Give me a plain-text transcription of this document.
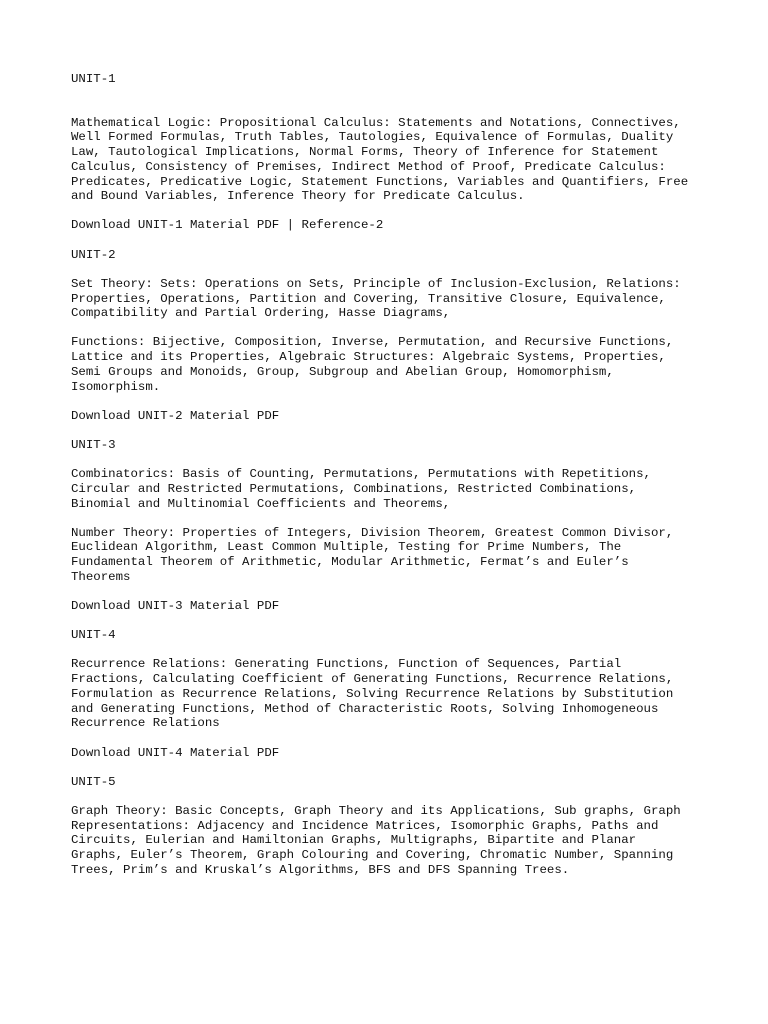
UNIT-1

Mathematical Logic: Propositional Calculus: Statements and Notations, Connectives,
Well Formed Formulas, Truth Tables, Tautologies, Equivalence of Formulas, Duality
Law, Tautological Implications, Normal Forms, Theory of Inference for Statement
Calculus, Consistency of Premises, Indirect Method of Proof, Predicate Calculus:
Predicates, Predicative Logic, Statement Functions, Variables and Quantifiers, Free
and Bound Variables, Inference Theory for Predicate Calculus.

Download UNIT-1 Material PDF | Reference-2

UNIT-2

Set Theory: Sets: Operations on Sets, Principle of Inclusion-Exclusion, Relations:
Properties, Operations, Partition and Covering, Transitive Closure, Equivalence,
Compatibility and Partial Ordering, Hasse Diagrams,

Functions: Bijective, Composition, Inverse, Permutation, and Recursive Functions,
Lattice and its Properties, Algebraic Structures: Algebraic Systems, Properties,
Semi Groups and Monoids, Group, Subgroup and Abelian Group, Homomorphism,
Isomorphism.

Download UNIT-2 Material PDF

UNIT-3

Combinatorics: Basis of Counting, Permutations, Permutations with Repetitions,
Circular and Restricted Permutations, Combinations, Restricted Combinations,
Binomial and Multinomial Coefficients and Theorems,

Number Theory: Properties of Integers, Division Theorem, Greatest Common Divisor,
Euclidean Algorithm, Least Common Multiple, Testing for Prime Numbers, The
Fundamental Theorem of Arithmetic, Modular Arithmetic, Fermat’s and Euler’s
Theorems

Download UNIT-3 Material PDF

UNIT-4

Recurrence Relations: Generating Functions, Function of Sequences, Partial
Fractions, Calculating Coefficient of Generating Functions, Recurrence Relations,
Formulation as Recurrence Relations, Solving Recurrence Relations by Substitution
and Generating Functions, Method of Characteristic Roots, Solving Inhomogeneous
Recurrence Relations

Download UNIT-4 Material PDF

UNIT-5

Graph Theory: Basic Concepts, Graph Theory and its Applications, Sub graphs, Graph
Representations: Adjacency and Incidence Matrices, Isomorphic Graphs, Paths and
Circuits, Eulerian and Hamiltonian Graphs, Multigraphs, Bipartite and Planar
Graphs, Euler’s Theorem, Graph Colouring and Covering, Chromatic Number, Spanning
Trees, Prim’s and Kruskal’s Algorithms, BFS and DFS Spanning Trees.
